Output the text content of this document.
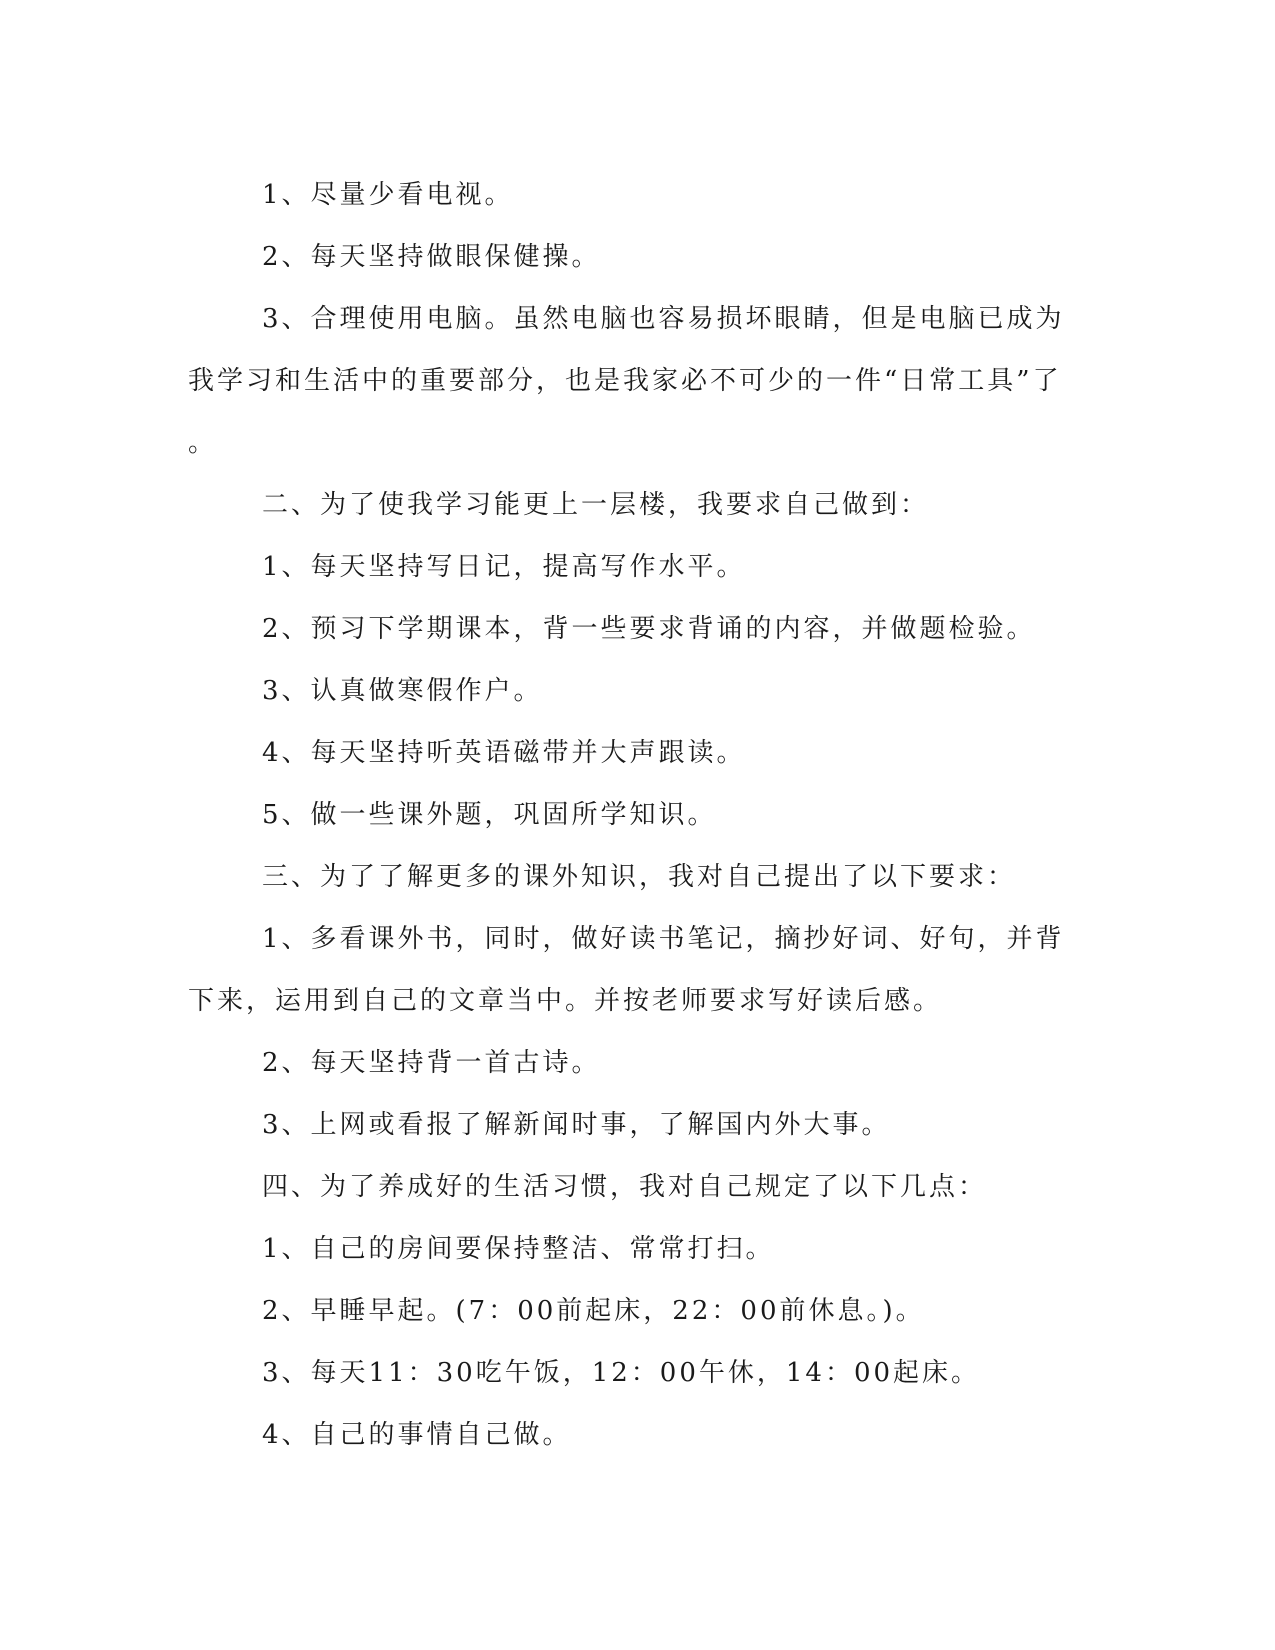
1、尽量少看电视。

2、每天坚持做眼保健操。

3、合理使用电脑。虽然电脑也容易损坏眼睛，但是电脑已成为
我学习和生活中的重要部分，也是我家必不可少的一件“日常工具”了
。

二、为了使我学习能更上一层楼，我要求自己做到：

1、每天坚持写日记，提高写作水平。

2、预习下学期课本，背一些要求背诵的内容，并做题检验。

3、认真做寒假作户。

4、每天坚持听英语磁带并大声跟读。

5、做一些课外题，巩固所学知识。

三、为了了解更多的课外知识，我对自己提出了以下要求：

1、多看课外书，同时，做好读书笔记，摘抄好词、好句，并背
下来，运用到自己的文章当中。并按老师要求写好读后感。

2、每天坚持背一首古诗。

3、上网或看报了解新闻时事，了解国内外大事。

四、为了养成好的生活习惯，我对自己规定了以下几点：

1、自己的房间要保持整洁、常常打扫。

2、早睡早起。(7：00前起床，22：00前休息。)。

3、每天11：30吃午饭，12：00午休，14：00起床。

4、自己的事情自己做。
